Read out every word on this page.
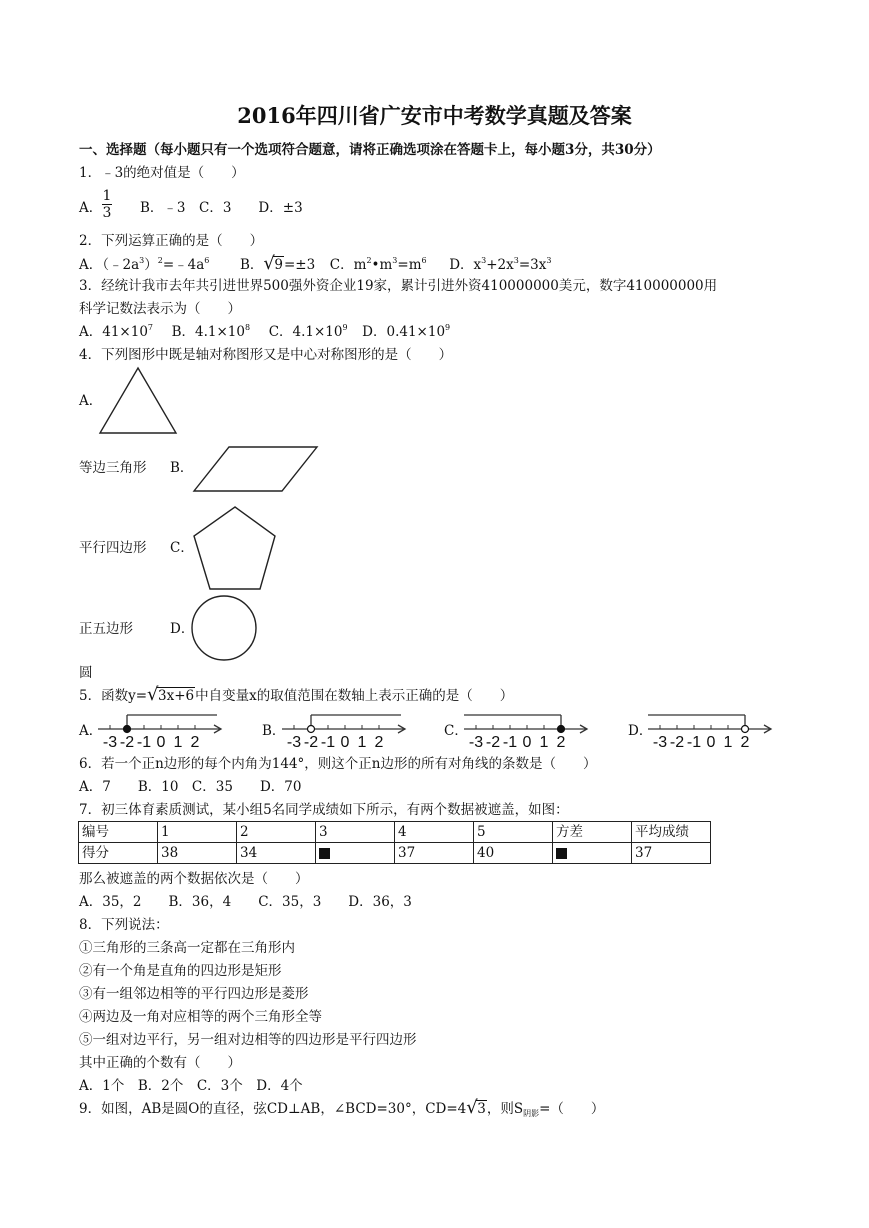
2016年四川省广安市中考数学真题及答案
一、选择题（每小题只有一个选项符合题意，请将正确选项涂在答题卡上，每小题3分，共30分）
1．﹣3的绝对值是（　　）
A．
1
3 B．﹣3　C．3　　D．±3
2．下列运算正确的是（　　）
A．$(﹣2a^3)^2=﹣4a^6$ B． √ 9=±3 C．$m^2•m^3=m^6$ D．$x^3+2x^3=3x^3$
3．经统计我市去年共引进世界500强外资企业19家，累计引进外资410000000美元，数字410000000用
科学记数法表示为（　　）
A．$41\times 10^7$ B．$4.1\times 10^8$ C．$4.1\times 10^9$ D．$0.41\times 10^9$
4．下列图形中既是轴对称图形又是中心对称图形的是（　　）
A．
等边三角形 B．
平行四边形 C．
正五边形	D．
圆
5．函数y= √ 3x+6中自变量x的取值范围在数轴上表示正确的是（　　）
A．
-3 -2 -1 0 1 2
B．
-3 -2 -1 0 1 2
C．
-3 -2 -1 0 1 2
D．
-3 -2 -1 0 1 2
6．若一个正n边形的每个内角为144°，则这个正n边形的所有对角线的条数是（　　）
A．7　　B．10　C．35　　D．70
7．初三体育素质测试，某小组5名同学成绩如下所示，有两个数据被遮盖，如图：
编号	1	2	3	4	5	方差	平均成绩
得分	38	34		37	40		37
那么被遮盖的两个数据依次是（　　）
A．35，2　　B．36，4　　C．35，3　　D．36，3
8．下列说法：
①三角形的三条高一定都在三角形内
②有一个角是直角的四边形是矩形
③有一组邻边相等的平行四边形是菱形
④两边及一角对应相等的两个三角形全等
⑤一组对边平行，另一组对边相等的四边形是平行四边形
其中正确的个数有（　　）
A．1个　B．2个　C．3个　D．4个
9．如图，AB是圆O的直径，弦CD⊥AB，∠BCD=30°，CD=4 √ 3，则$S_{阴影}=$（　　）
